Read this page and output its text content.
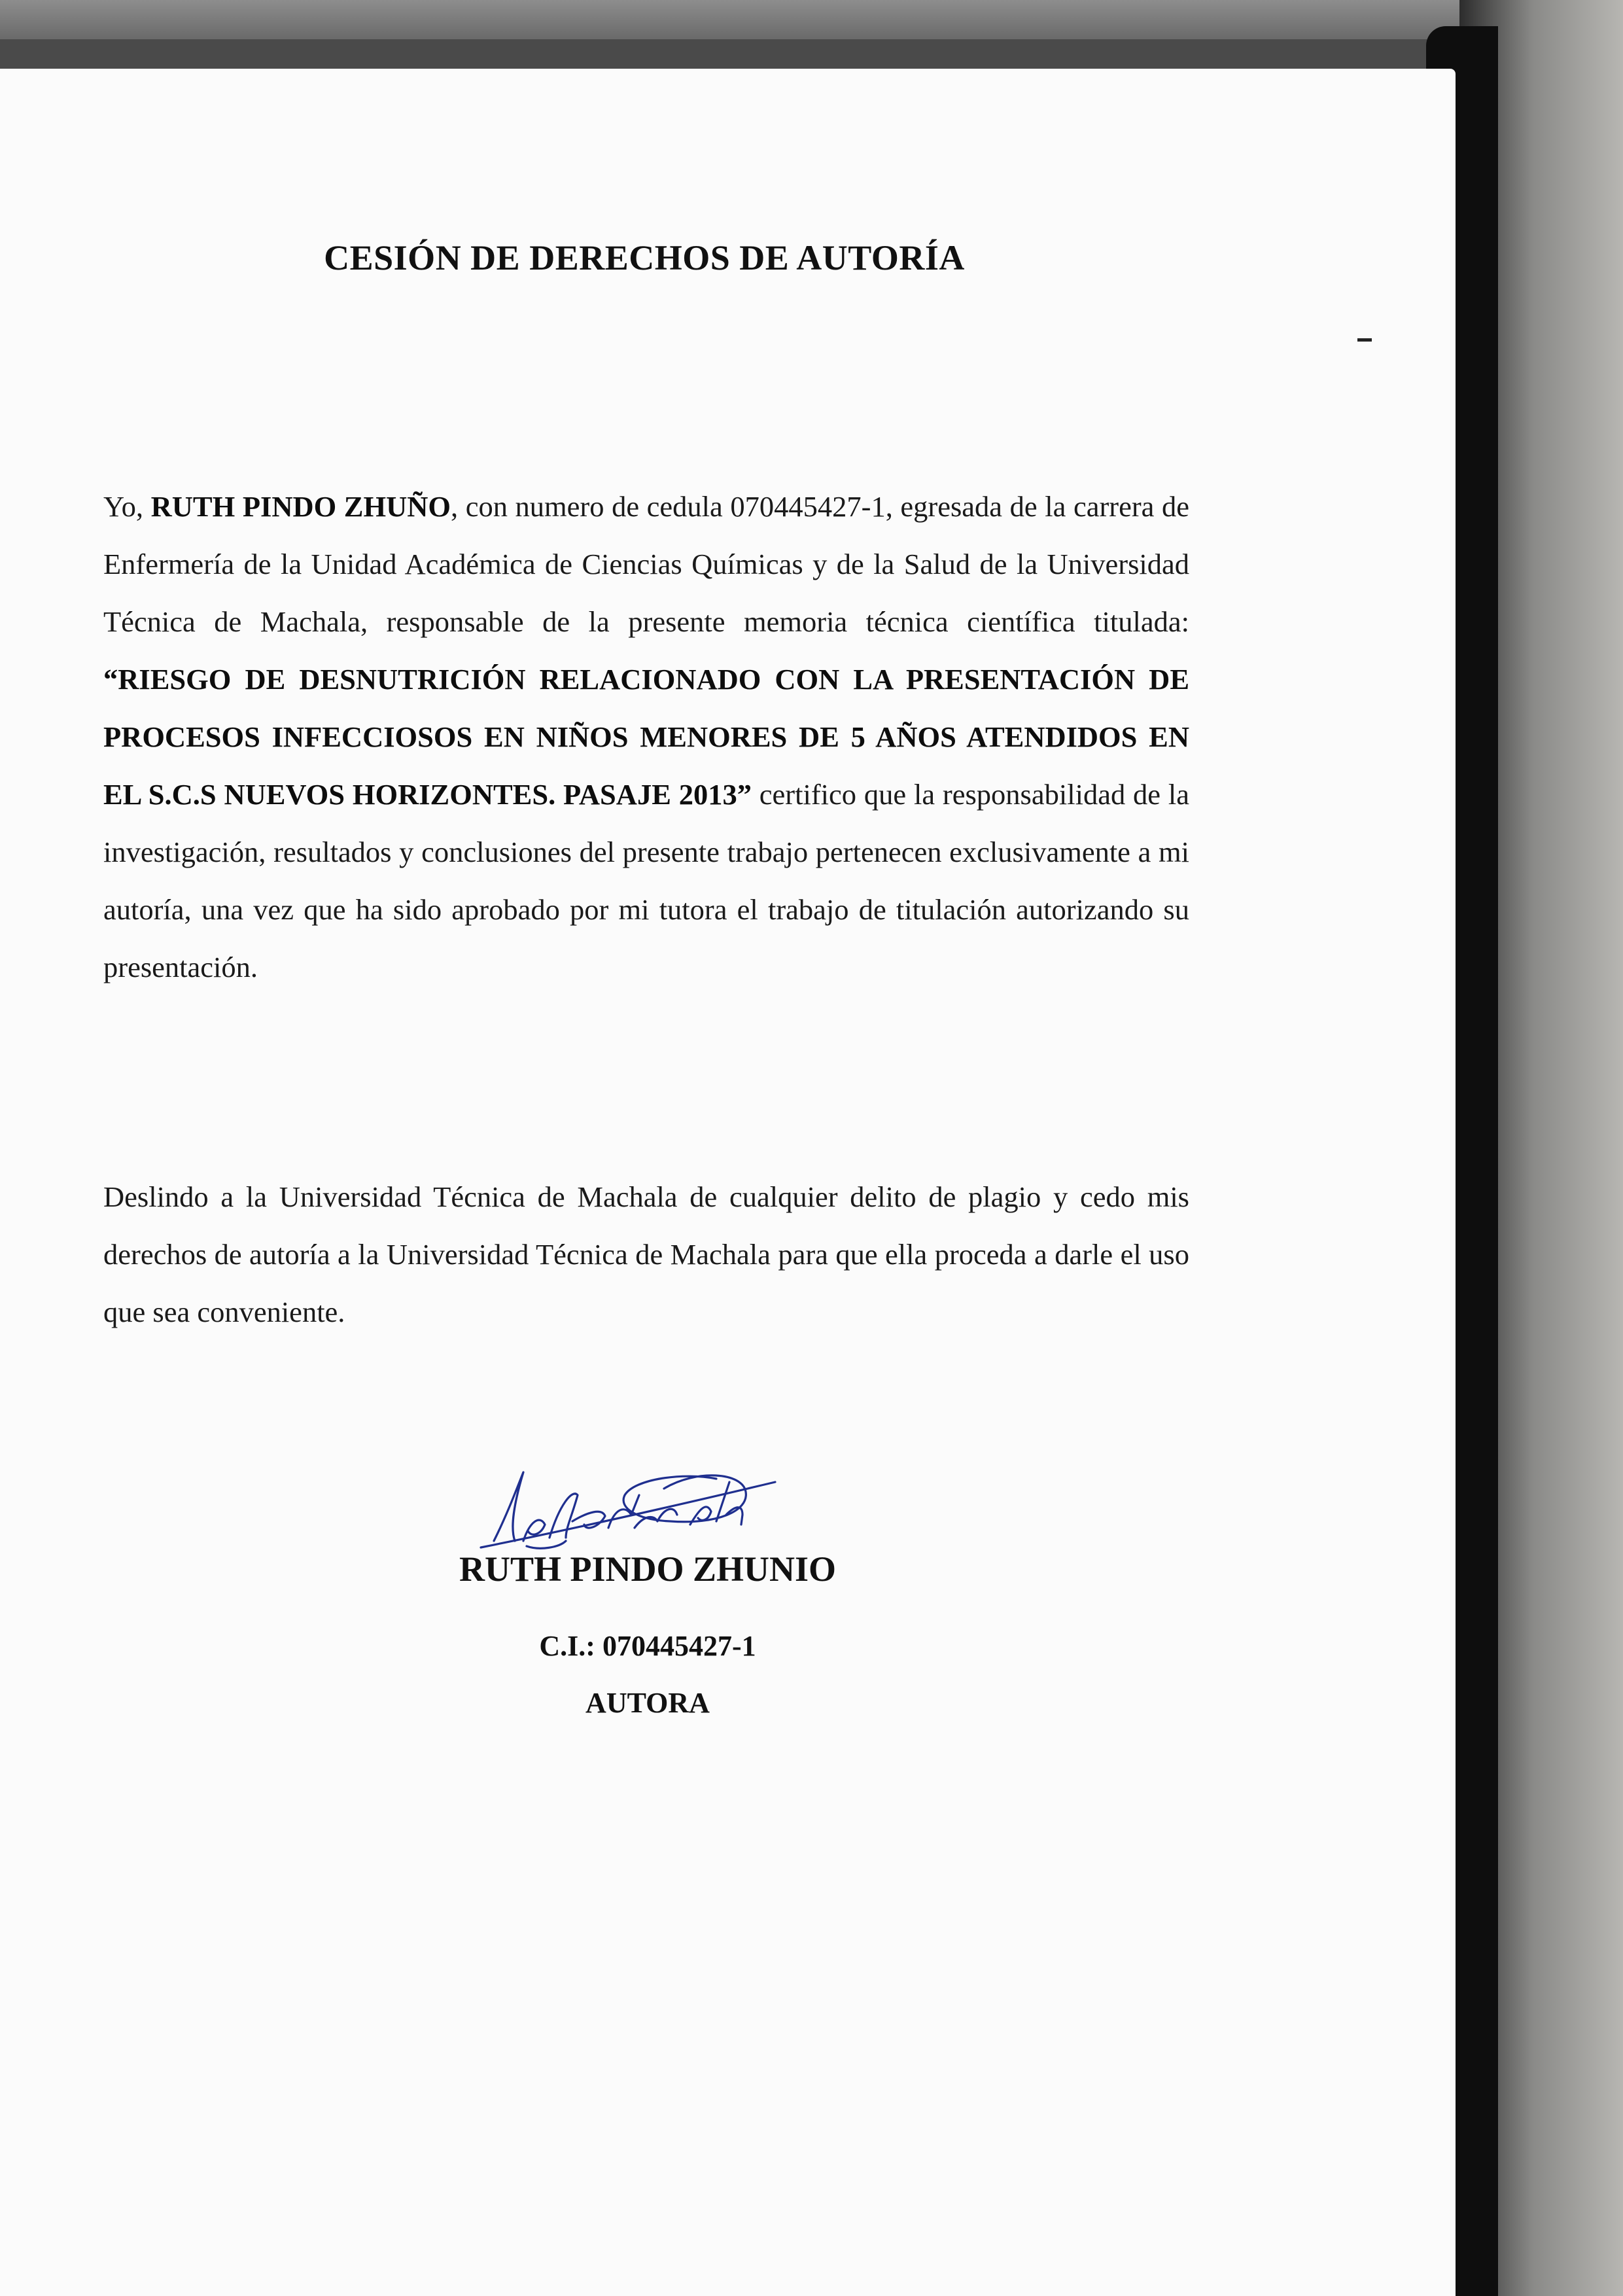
CESIÓN DE DERECHOS DE AUTORÍA

Yo, RUTH PINDO ZHUÑO, con numero de cedula 070445427-1, egresada de la carrera de Enfermería de la Unidad Académica de Ciencias Químicas y de la Salud de la Universidad Técnica de Machala, responsable de la presente memoria técnica científica titulada: “RIESGO DE DESNUTRICIÓN RELACIONADO CON LA PRESENTACIÓN DE PROCESOS INFECCIOSOS EN NIÑOS MENORES DE 5 AÑOS ATENDIDOS EN EL S.C.S NUEVOS HORIZONTES. PASAJE 2013” certifico que la responsabilidad de la investigación, resultados y conclusiones del presente trabajo pertenecen exclusivamente a mi autoría, una vez que ha sido aprobado por mi tutora el trabajo de titulación autorizando su presentación.

Deslindo a la Universidad Técnica de Machala de cualquier delito de plagio y cedo mis derechos de autoría a la Universidad Técnica de Machala para que ella proceda a darle el uso que sea conveniente.

RUTH PINDO ZHUNIO
C.I.: 070445427-1
AUTORA
